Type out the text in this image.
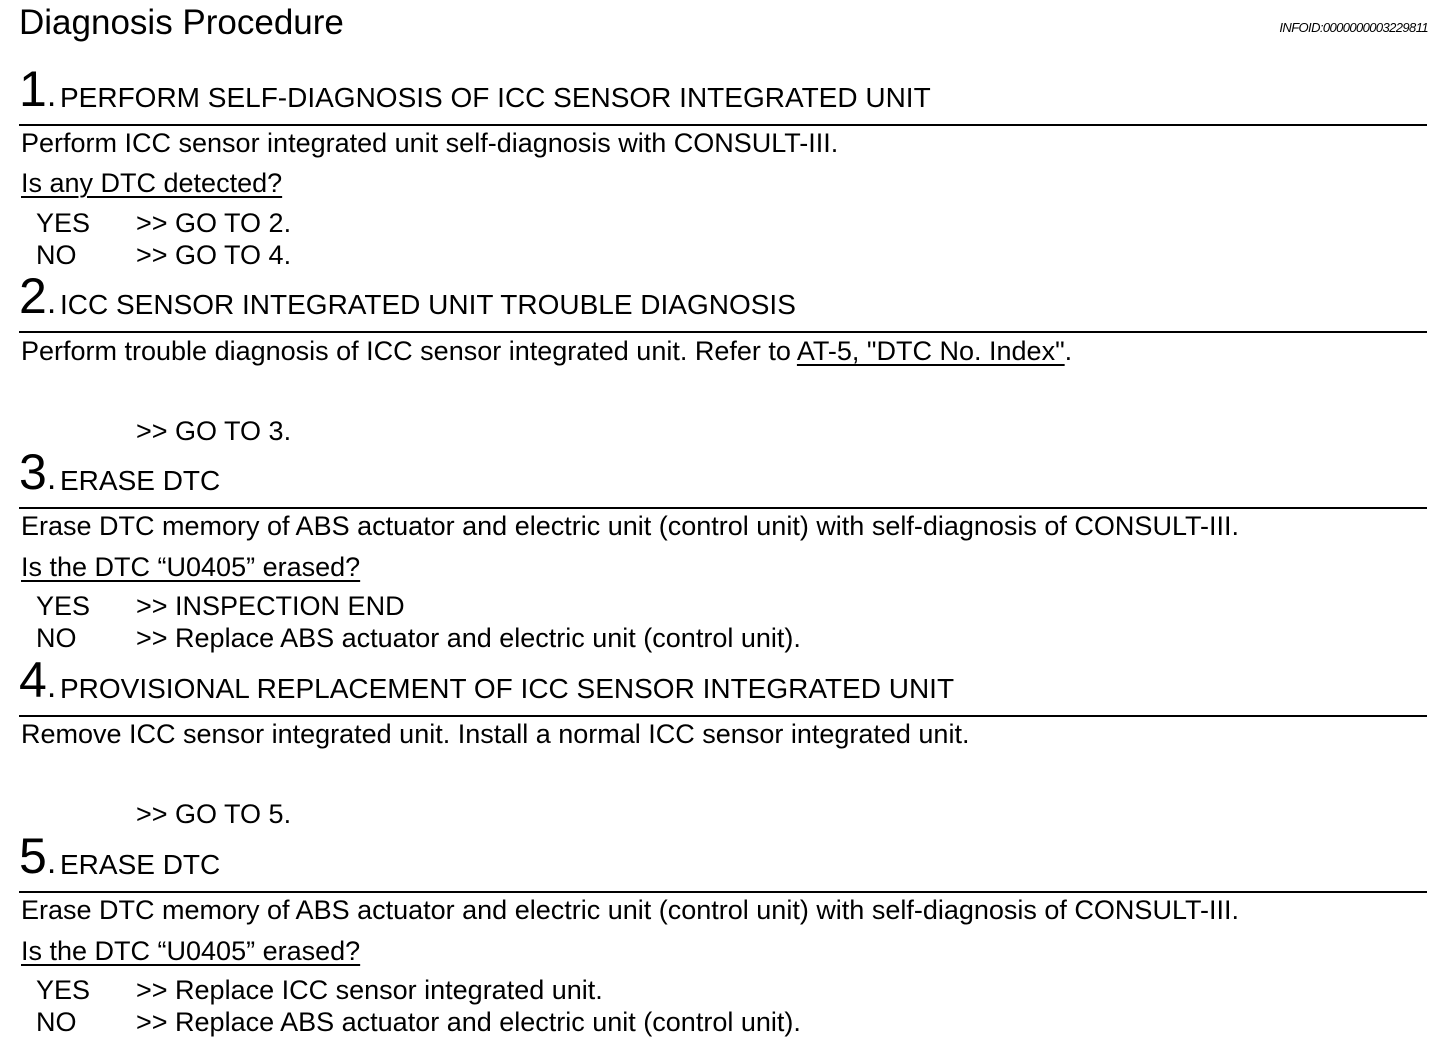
Diagnosis Procedure	INFOID:0000000003229811
1. PERFORM SELF-DIAGNOSIS OF ICC SENSOR INTEGRATED UNIT
Perform ICC sensor integrated unit self-diagnosis with CONSULT-III.
Is any DTC detected?
YES >> GO TO 2.
NO >> GO TO 4.
2. ICC SENSOR INTEGRATED UNIT TROUBLE DIAGNOSIS
Perform trouble diagnosis of ICC sensor integrated unit. Refer to AT-5, "DTC No. Index".
>> GO TO 3.
3. ERASE DTC
Erase DTC memory of ABS actuator and electric unit (control unit) with self-diagnosis of CONSULT-III.
Is the DTC “U0405” erased?
YES >> INSPECTION END
NO >> Replace ABS actuator and electric unit (control unit).
4. PROVISIONAL REPLACEMENT OF ICC SENSOR INTEGRATED UNIT
Remove ICC sensor integrated unit. Install a normal ICC sensor integrated unit.
>> GO TO 5.
5. ERASE DTC
Erase DTC memory of ABS actuator and electric unit (control unit) with self-diagnosis of CONSULT-III.
Is the DTC “U0405” erased?
YES >> Replace ICC sensor integrated unit.
NO >> Replace ABS actuator and electric unit (control unit).
